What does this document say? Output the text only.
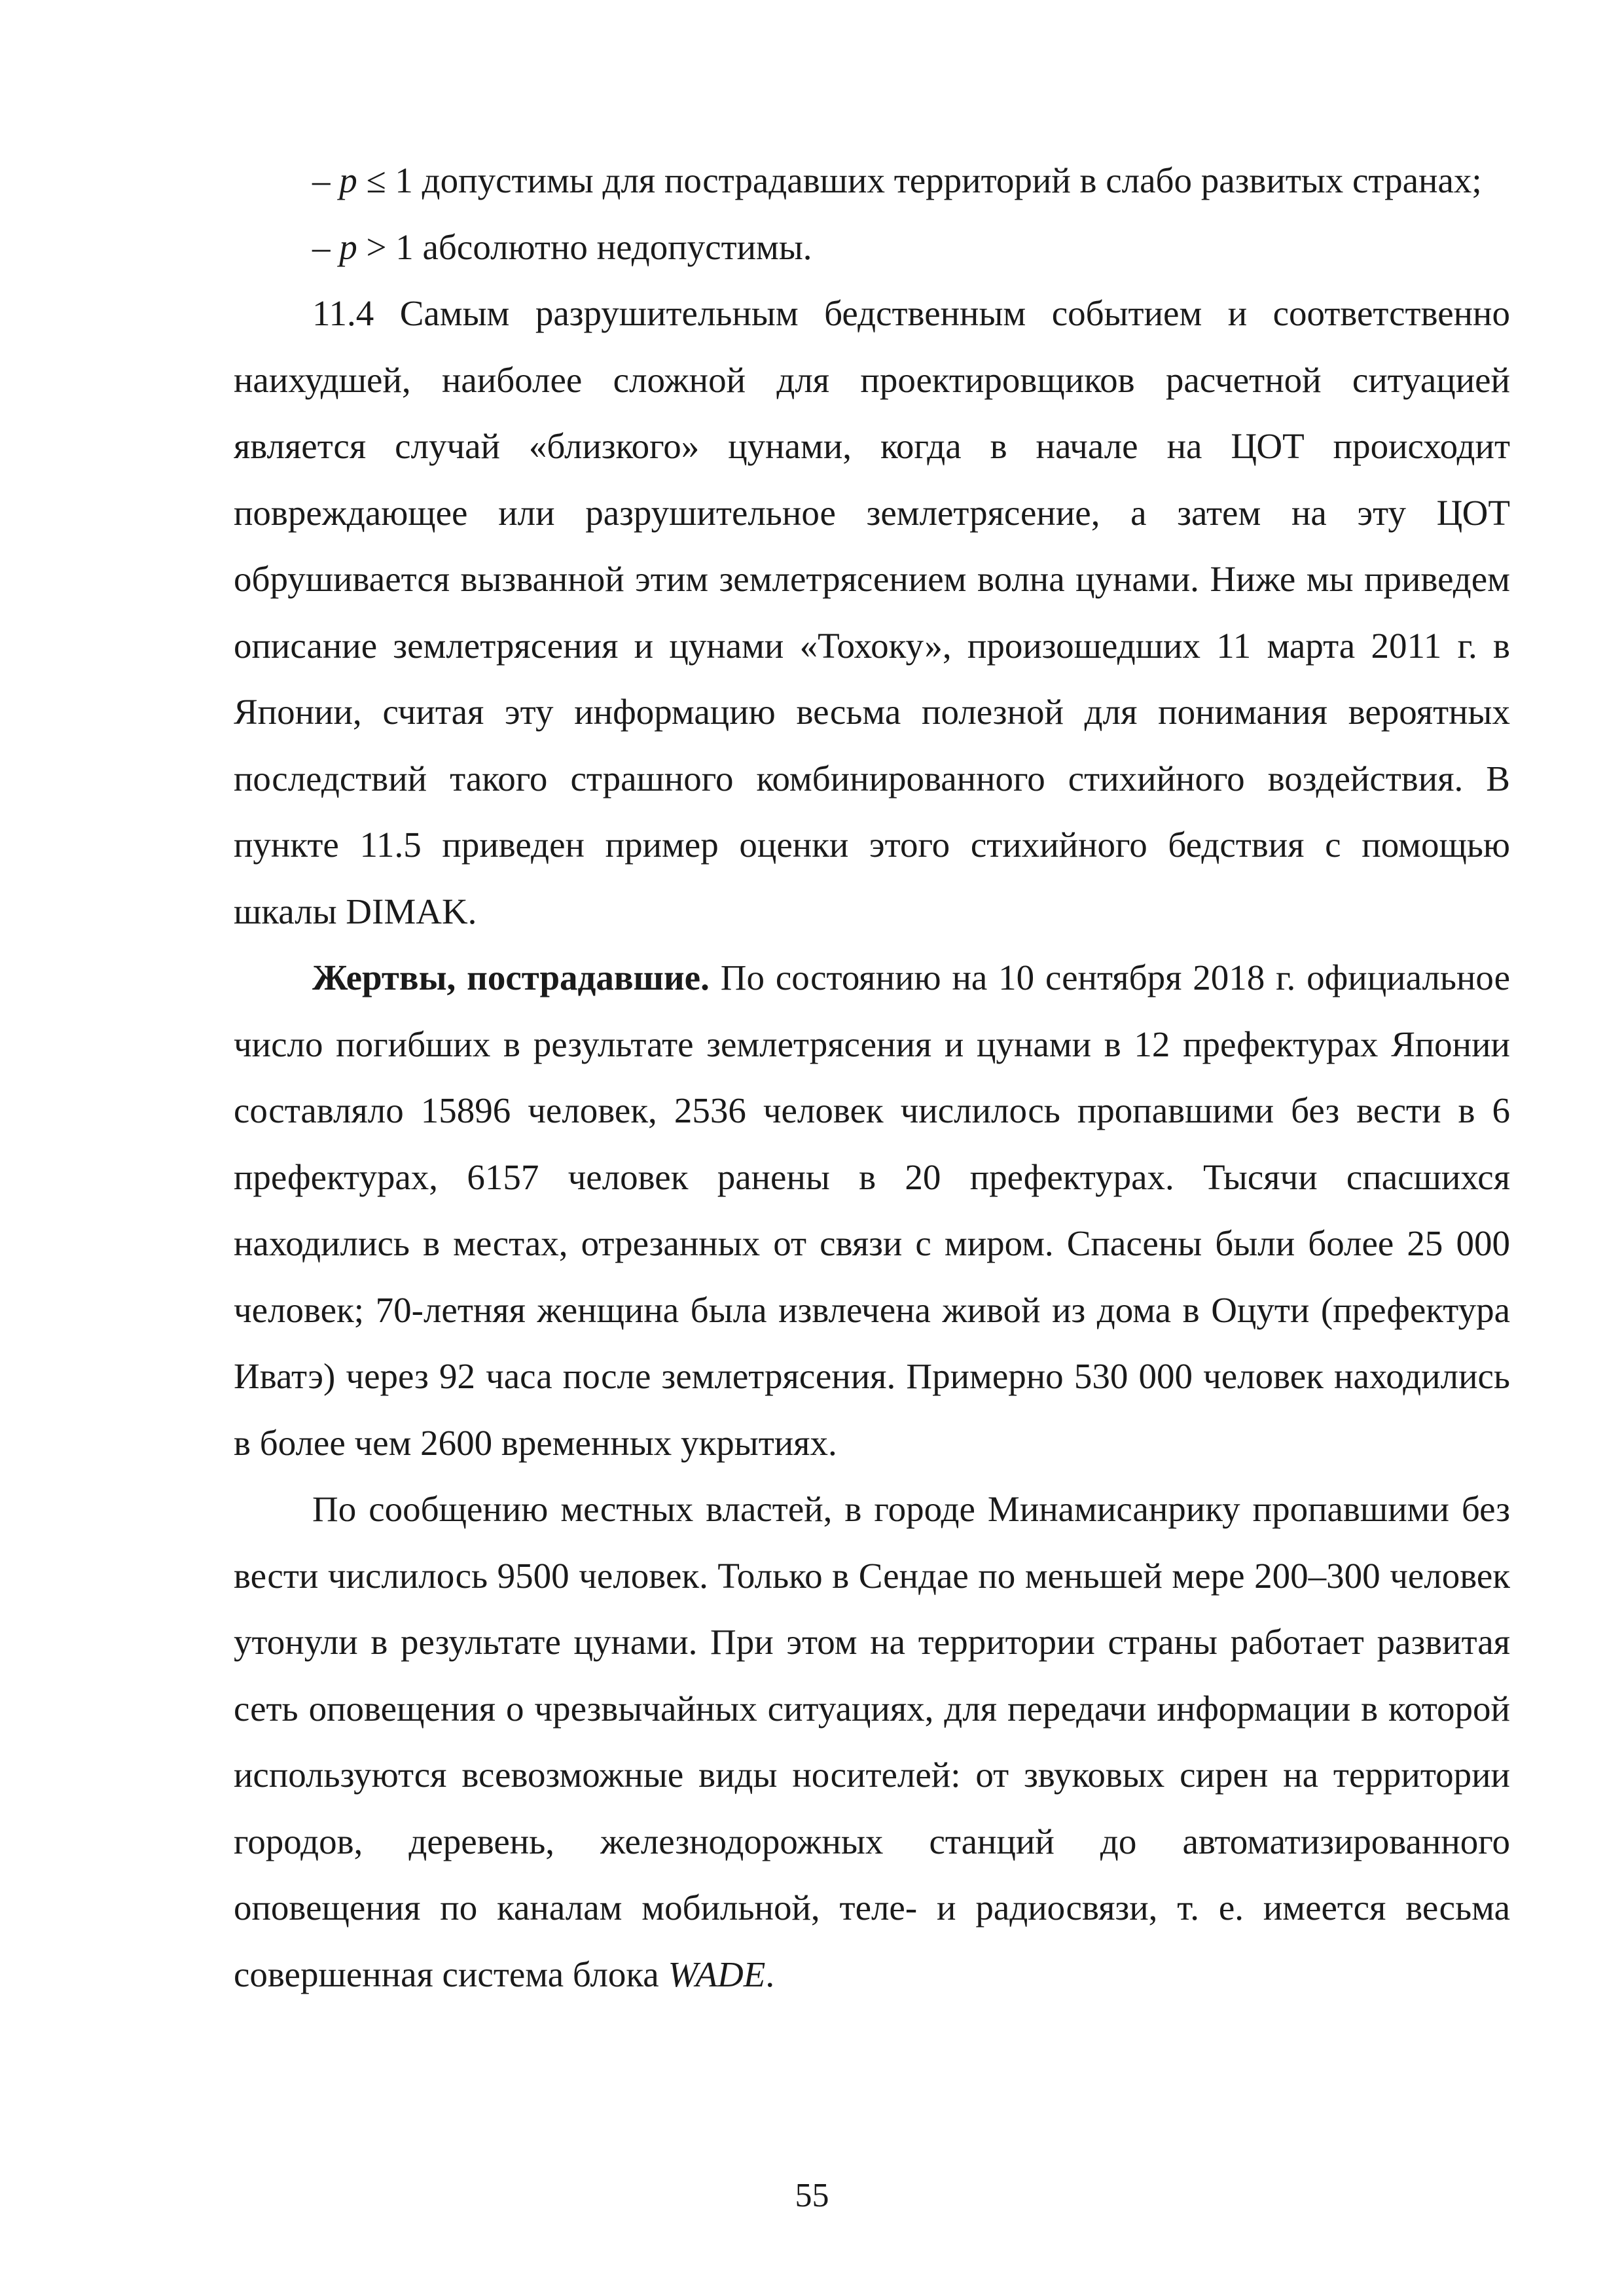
– p ≤ 1 допустимы для пострадавших территорий в слабо развитых странах;

– p > 1 абсолютно недопустимы.

11.4 Самым разрушительным бедственным событием и соответственно наихудшей, наиболее сложной для проектировщиков расчетной ситуацией является случай «близкого» цунами, когда в начале на ЦОТ происходит повреждающее или разрушительное землетрясение, а затем на эту ЦОТ обрушивается вызванной этим землетрясением волна цунами. Ниже мы приведем описание землетрясения и цунами «Тохоку», произошедших 11 марта 2011 г. в Японии, считая эту информацию весьма полезной для понимания вероятных последствий такого страшного комбинированного стихийного воздействия. В пункте 11.5 приведен пример оценки этого стихийного бедствия с помощью шкалы DIMAK.

Жертвы, пострадавшие. По состоянию на 10 сентября 2018 г. официальное число погибших в результате землетрясения и цунами в 12 префектурах Японии составляло 15896 человек, 2536 человек числилось пропавшими без вести в 6 префектурах, 6157 человек ранены в 20 префектурах. Тысячи спасшихся находились в местах, отрезанных от связи с миром. Спасены были более 25 000 человек; 70-летняя женщина была извлечена живой из дома в Оцути (префектура Иватэ) через 92 часа после землетрясения. Примерно 530 000 человек находились в более чем 2600 временных укрытиях.

По сообщению местных властей, в городе Минамисанрику пропавшими без вести числилось 9500 человек. Только в Сендае по меньшей мере 200–300 человек утонули в результате цунами. При этом на территории страны работает развитая сеть оповещения о чрезвычайных ситуациях, для передачи информации в которой используются всевозможные виды носителей: от звуковых сирен на территории городов, деревень, железнодорожных станций до автоматизированного оповещения по каналам мобильной, теле- и радиосвязи, т. е. имеется весьма совершенная система блока WADE.

55
